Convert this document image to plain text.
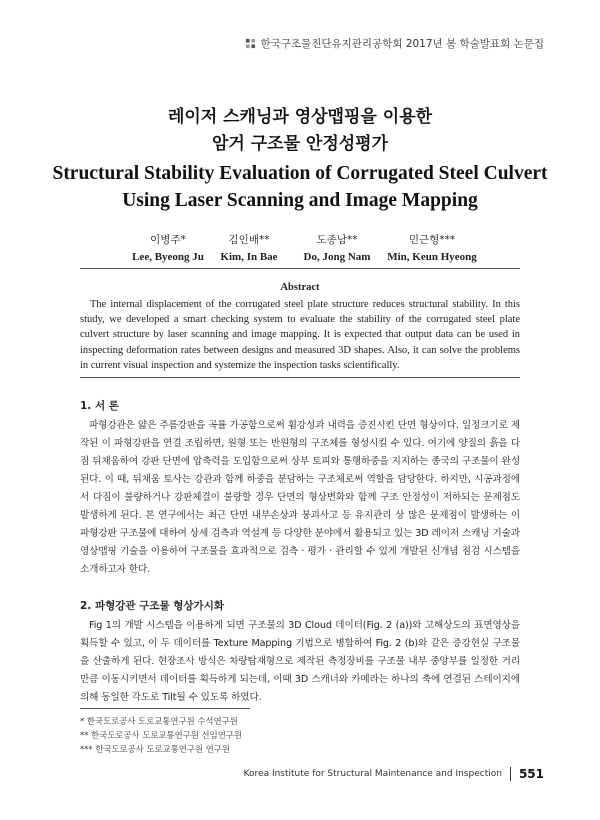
한국구조물진단유지관리공학회 2017년 봄 학술발표회 논문집
레이저 스캐닝과 영상맵핑을 이용한
암거 구조물 안정성평가
Structural Stability Evaluation of Corrugated Steel Culvert
Using Laser Scanning and Image Mapping
이병주*
Lee, Byeong Ju
김인배**
Kim, In Bae
도종남**
Do, Jong Nam
민근형***
Min, Keun Hyeong
Abstract
The internal displacement of the corrugated steel plate structure reduces structural stability. In this study, we developed a smart checking system to evaluate the stability of the corrugated steel plate culvert structure by laser scanning and image mapping. It is expected that output data can be used in inspecting deformation rates between designs and measured 3D shapes. Also, it can solve the problems in current visual inspection and systemize the inspection tasks scientifically.
1. 서 론
파형강관은 얇은 주름강판을 곡률 가공함으로써 휨강성과 내력을 증진시킨 단면 형상이다. 일정크기로 제작된 이 파형강판을 연결 조립하면, 원형 또는 반원형의 구조체를 형성시킬 수 있다. 여기에 양질의 흙을 다짐 뒤채움하여 강판 단면에 압축력을 도입함으로써 상부 토피와 통행하중을 지지하는 종국의 구조물이 완성된다. 이 때, 뒤채움 토사는 강관과 함께 하중을 분담하는 구조체로써 역할을 담당한다. 하지만, 시공과정에서 다짐이 불량하거나 강판체결이 불량할 경우 단면의 형상변화와 함께 구조 안정성이 저하되는 문제점도 발생하게 된다. 본 연구에서는 최근 단면 내부손상과 붕괴사고 등 유지관리 상 많은 문제점이 발생하는 이 파형강판 구조물에 대하여 상세 검측과 역설계 등 다양한 분야에서 활용되고 있는 3D 레이저 스캐닝 기술과 영상맵핑 기술을 이용하여 구조물을 효과적으로 검측 · 평가 · 관리할 수 있게 개발된 신개념 점검 시스템을 소개하고자 한다.
2. 파형강관 구조물 형상가시화
Fig 1의 개발 시스템을 이용하게 되면 구조물의 3D Cloud 데이터(Fig. 2 (a))와 고해상도의 표면영상을 획득할 수 있고, 이 두 데이터를 Texture Mapping 기법으로 병합하여 Fig. 2 (b)와 같은 증강현실 구조물을 산출하게 된다. 현장조사 방식은 차량탑재형으로 제작된 측정장비를 구조물 내부 중앙부를 일정한 거리만큼 이동시키면서 데이터를 획득하게 되는데, 이때 3D 스캐너와 카메라는 하나의 축에 연결된 스테이지에 의해 동일한 각도로 Tilt될 수 있도록 하였다.
* 한국도로공사 도로교통연구원 수석연구원
** 한국도로공사 도로교통연구원 선임연구원
*** 한국도로공사 도로교통연구원 연구원
Korea Institute for Structural Maintenance and Inspection 551
